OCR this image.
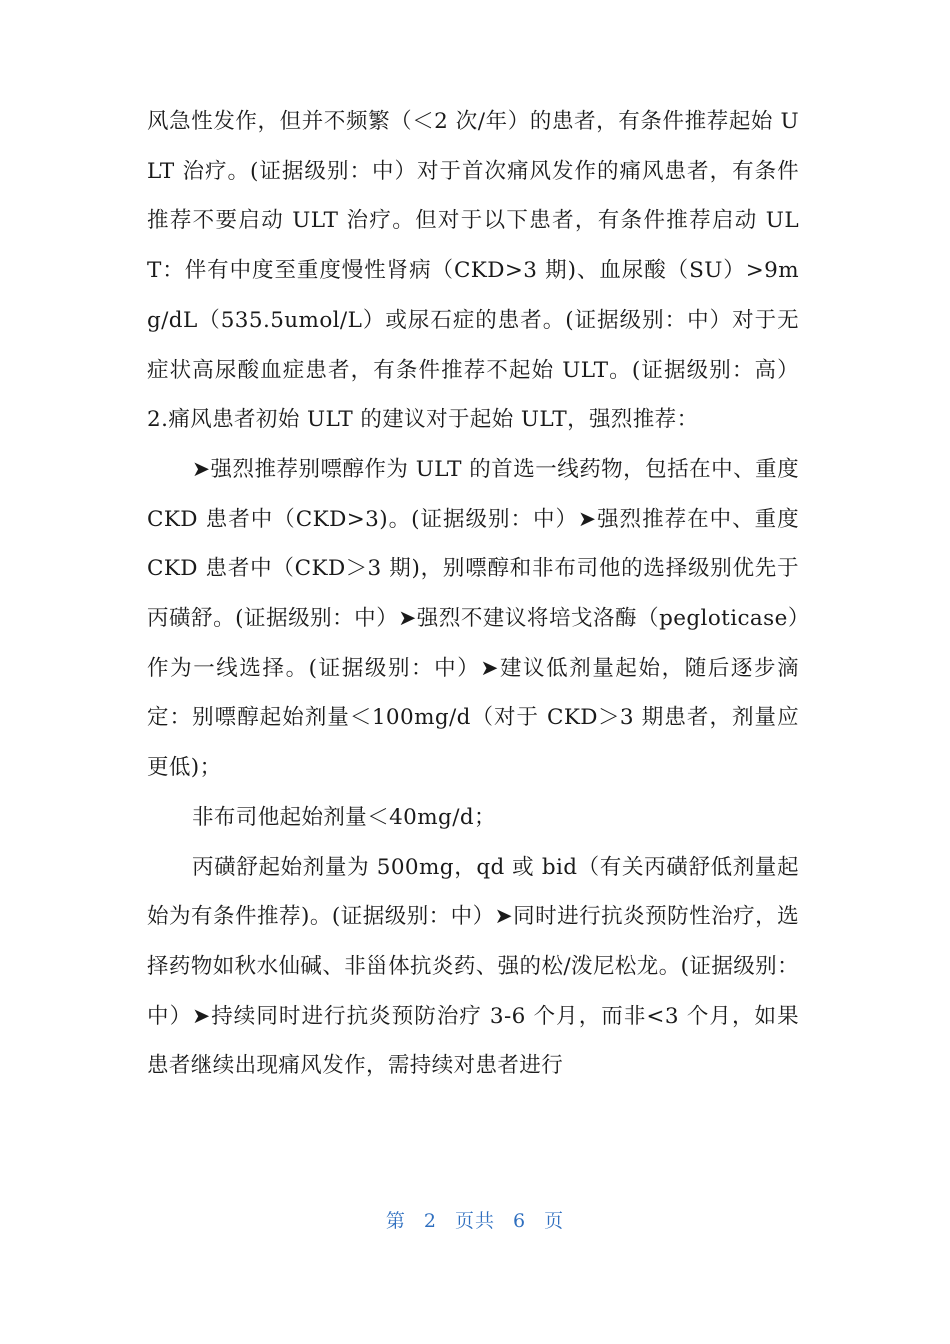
风急性发作，但并不频繁（＜2 次/年）的患者，有条件推荐起始 ULT 治疗。(证据级别：中）对于首次痛风发作的痛风患者，有条件推荐不要启动 ULT 治疗。但对于以下患者，有条件推荐启动 ULT：伴有中度至重度慢性肾病（CKD>3 期)、血尿酸（SU）>9mg/dL（535.5umol/L）或尿石症的患者。(证据级别：中）对于无症状高尿酸血症患者，有条件推荐不起始 ULT。(证据级别：高）2.痛风患者初始 ULT 的建议对于起始 ULT，强烈推荐：

➤强烈推荐别嘌醇作为 ULT 的首选一线药物，包括在中、重度 CKD 患者中（CKD>3)。(证据级别：中）➤强烈推荐在中、重度 CKD 患者中（CKD＞3 期)，别嘌醇和非布司他的选择级别优先于丙磺舒。(证据级别：中）➤强烈不建议将培戈洛酶（pegloticase）作为一线选择。(证据级别：中）➤建议低剂量起始，随后逐步滴定：别嘌醇起始剂量＜100mg/d（对于 CKD＞3 期患者，剂量应更低)；

非布司他起始剂量＜40mg/d；

丙磺舒起始剂量为 500mg，qd 或 bid（有关丙磺舒低剂量起始为有条件推荐)。(证据级别：中）➤同时进行抗炎预防性治疗，选择药物如秋水仙碱、非甾体抗炎药、强的松/泼尼松龙。(证据级别：中）➤持续同时进行抗炎预防治疗 3-6 个月，而非<3 个月，如果患者继续出现痛风发作，需持续对患者进行

第 2 页共 6 页
